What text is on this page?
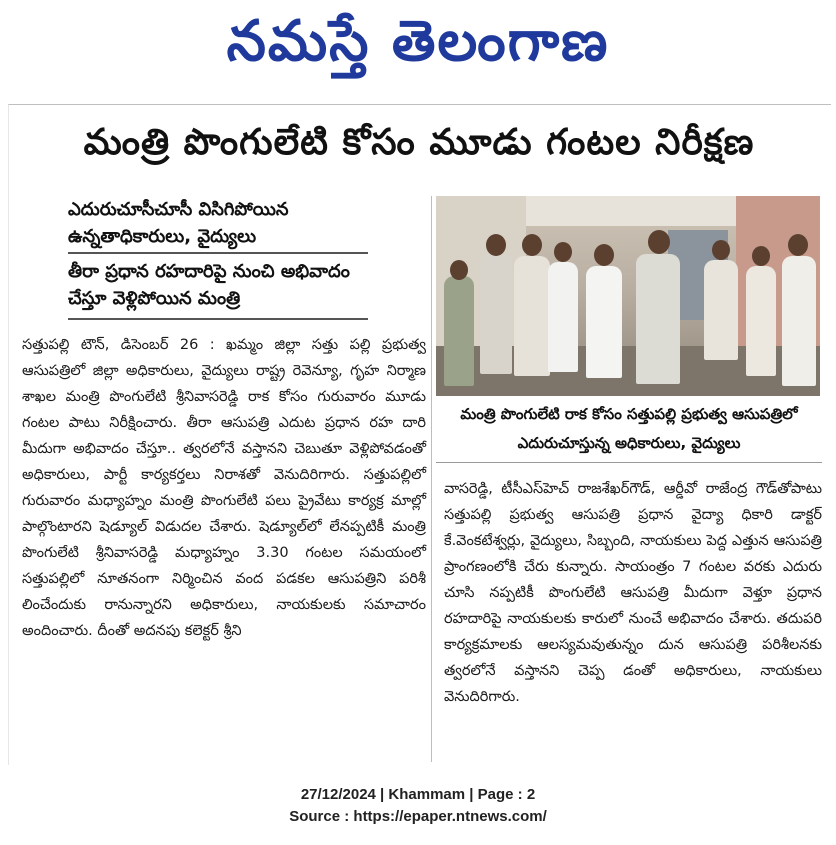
నమస్తే తెలంగాణ
మంత్రి పొంగులేటి కోసం మూడు గంటల నిరీక్షణ
ఎదురుచూసీచూసీ విసిగిపోయిన ఉన్నతాధికారులు, వైద్యులు
తీరా ప్రధాన రహదారిపై నుంచి అభివాదం చేస్తూ వెళ్లిపోయిన మంత్రి
సత్తుపల్లి టౌన్, డిసెంబర్ 26 : ఖమ్మం జిల్లా సత్తు పల్లి ప్రభుత్వ ఆసుపత్రిలో జిల్లా అధికారులు, వైద్యులు రాష్ట్ర రెవెన్యూ, గృహ నిర్మాణ శాఖల మంత్రి పొంగులేటి శ్రీనివాసరెడ్డి రాక కోసం గురువారం మూడు గంటల పాటు నిరీక్షించారు. తీరా ఆసుపత్రి ఎదుట ప్రధాన రహ దారి మీదుగా అభివాదం చేస్తూ.. త్వరలోనే వస్తానని చెబుతూ వెళ్లిపోవడంతో అధికారులు, పార్టీ కార్యకర్తలు నిరాశతో వెనుదిరిగారు. సత్తుపల్లిలో గురువారం మధ్యాహ్నం మంత్రి పొంగులేటి పలు ప్రైవేటు కార్యక్ర మాల్లో పాల్గొంటారని షెడ్యూల్ విడుదల చేశారు. షెడ్యూల్‌లో లేనప్పటికీ మంత్రి పొంగులేటి శ్రీనివాసరెడ్డి మధ్యాహ్నం 3.30 గంటల సమయంలో సత్తుపల్లిలో నూతనంగా నిర్మించిన వంద పడకల ఆసుపత్రిని పరిశీ లించేందుకు రానున్నారని అధికారులు, నాయకులకు సమాచారం అందించారు. దీంతో అదనపు కలెక్టర్ శ్రీని
మంత్రి పొంగులేటి రాక కోసం సత్తుపల్లి ప్రభుత్వ ఆసుపత్రిలో ఎదురుచూస్తున్న అధికారులు, వైద్యులు
వాసరెడ్డి, టీసీఎస్‌హెచ్ రాజశేఖర్‌గౌడ్, ఆర్డీవో రాజేంద్ర గౌడ్‌తోపాటు సత్తుపల్లి ప్రభుత్వ ఆసుపత్రి ప్రధాన వైద్యా ధికారి డాక్టర్ కే.వెంకటేశ్వర్లు, వైద్యులు, సిబ్బంది, నాయకులు పెద్ద ఎత్తున ఆసుపత్రి ప్రాంగణంలోకి చేరు కున్నారు. సాయంత్రం 7 గంటల వరకు ఎదురు చూసి నప్పటికీ పొంగులేటి ఆసుపత్రి మీదుగా వెళ్తూ ప్రధాన రహదారిపై నాయకులకు కారులో నుంచే అభివాదం చేశారు. తదుపరి కార్యక్రమాలకు ఆలస్యమవుతున్నం దున ఆసుపత్రి పరిశీలనకు త్వరలోనే వస్తానని చెప్ప డంతో అధికారులు, నాయకులు వెనుదిరిగారు.
27/12/2024 | Khammam | Page : 2
Source : https://epaper.ntnews.com/
